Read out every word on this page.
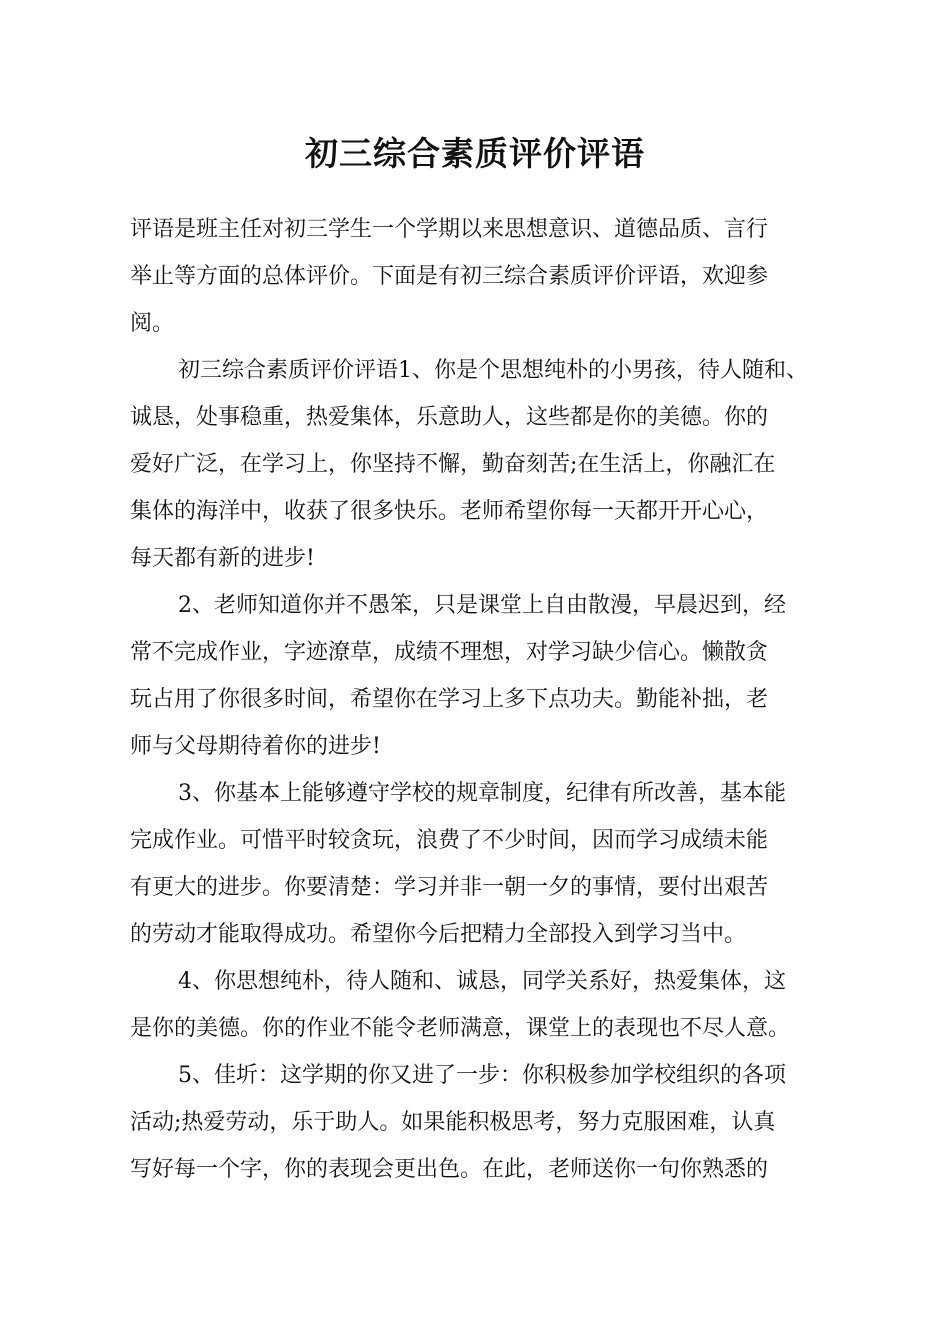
初三综合素质评价评语
评语是班主任对初三学生一个学期以来思想意识、道德品质、言行
举止等方面的总体评价。下面是有初三综合素质评价评语，欢迎参
阅。
初三综合素质评价评语1、你是个思想纯朴的小男孩，待人随和、
诚恳，处事稳重，热爱集体，乐意助人，这些都是你的美德。你的
爱好广泛，在学习上，你坚持不懈，勤奋刻苦;在生活上，你融汇在
集体的海洋中，收获了很多快乐。老师希望你每一天都开开心心，
每天都有新的进步!
2、老师知道你并不愚笨，只是课堂上自由散漫，早晨迟到，经
常不完成作业，字迹潦草，成绩不理想，对学习缺少信心。懒散贪
玩占用了你很多时间，希望你在学习上多下点功夫。勤能补拙，老
师与父母期待着你的进步!
3、你基本上能够遵守学校的规章制度，纪律有所改善，基本能
完成作业。可惜平时较贪玩，浪费了不少时间，因而学习成绩未能
有更大的进步。你要清楚：学习并非一朝一夕的事情，要付出艰苦
的劳动才能取得成功。希望你今后把精力全部投入到学习当中。
4、你思想纯朴，待人随和、诚恳，同学关系好，热爱集体，这
是你的美德。你的作业不能令老师满意，课堂上的表现也不尽人意。
5、佳圻：这学期的你又进了一步：你积极参加学校组织的各项
活动;热爱劳动，乐于助人。如果能积极思考，努力克服困难，认真
写好每一个字，你的表现会更出色。在此，老师送你一句你熟悉的
